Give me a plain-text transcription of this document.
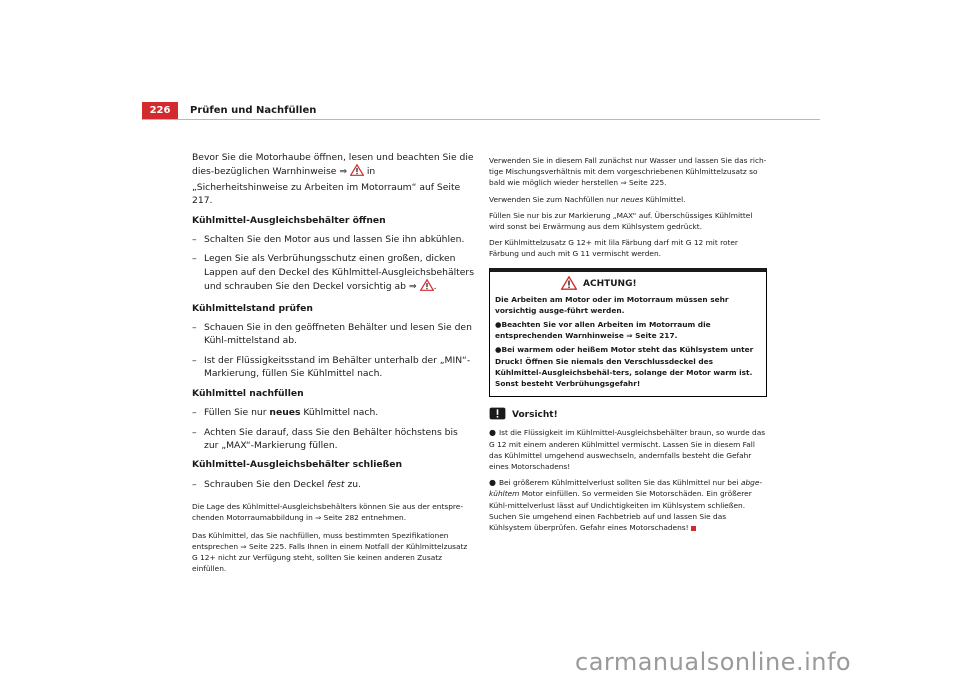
226	Prüfen und Nachfüllen

Bevor Sie die Motorhaube öffnen, lesen und beachten Sie die dies-bezüglichen Warnhinweise ⇒ in „Sicherheitshinweise zu Arbeiten im Motorraum“ auf Seite 217.

Kühlmittel-Ausgleichsbehälter öffnen
– Schalten Sie den Motor aus und lassen Sie ihn abkühlen.
– Legen Sie als Verbrühungsschutz einen großen, dicken Lappen auf den Deckel des Kühlmittel-Ausgleichsbehälters und schrauben Sie den Deckel vorsichtig ab ⇒ .
Kühlmittelstand prüfen
– Schauen Sie in den geöffneten Behälter und lesen Sie den Kühl-mittelstand ab.
– Ist der Flüssigkeitsstand im Behälter unterhalb der „MIN“-Markierung, füllen Sie Kühlmittel nach.
Kühlmittel nachfüllen
– Füllen Sie nur neues Kühlmittel nach.
– Achten Sie darauf, dass Sie den Behälter höchstens bis zur „MAX“-Markierung füllen.
Kühlmittel-Ausgleichsbehälter schließen
– Schrauben Sie den Deckel fest zu.

Die Lage des Kühlmittel-Ausgleichsbehälters können Sie aus der entspre-chenden Motorraumabbildung in ⇒ Seite 282 entnehmen.

Das Kühlmittel, das Sie nachfüllen, muss bestimmten Spezifikationen entsprechen ⇒ Seite 225. Falls Ihnen in einem Notfall der Kühlmittelzusatz G 12+ nicht zur Verfügung steht, sollten Sie keinen anderen Zusatz einfüllen.

Verwenden Sie in diesem Fall zunächst nur Wasser und lassen Sie das rich-tige Mischungsverhältnis mit dem vorgeschriebenen Kühlmittelzusatz so bald wie möglich wieder herstellen ⇒ Seite 225.

Verwenden Sie zum Nachfüllen nur neues Kühlmittel.

Füllen Sie nur bis zur Markierung „MAX“ auf. Überschüssiges Kühlmittel wird sonst bei Erwärmung aus dem Kühlsystem gedrückt.

Der Kühlmittelzusatz G 12+ mit lila Färbung darf mit G 12 mit roter Färbung und auch mit G 11 vermischt werden.

ACHTUNG!

Die Arbeiten am Motor oder im Motorraum müssen sehr vorsichtig ausge-führt werden.

●Beachten Sie vor allen Arbeiten im Motorraum die entsprechenden Warnhinweise ⇒ Seite 217.

●Bei warmem oder heißem Motor steht das Kühlsystem unter Druck! Öffnen Sie niemals den Verschlussdeckel des Kühlmittel-Ausgleichsbehäl-ters, solange der Motor warm ist. Sonst besteht Verbrühungsgefahr!

Vorsicht!

● Ist die Flüssigkeit im Kühlmittel-Ausgleichsbehälter braun, so wurde das G 12 mit einem anderen Kühlmittel vermischt. Lassen Sie in diesem Fall das Kühlmittel umgehend auswechseln, andernfalls besteht die Gefahr eines Motorschadens!

● Bei größerem Kühlmittelverlust sollten Sie das Kühlmittel nur bei abge-kühltem Motor einfüllen. So vermeiden Sie Motorschäden. Ein größerer Kühl-mittelverlust lässt auf Undichtigkeiten im Kühlsystem schließen. Suchen Sie umgehend einen Fachbetrieb auf und lassen Sie das Kühlsystem überprüfen. Gefahr eines Motorschadens!

carmanualsonline.info
